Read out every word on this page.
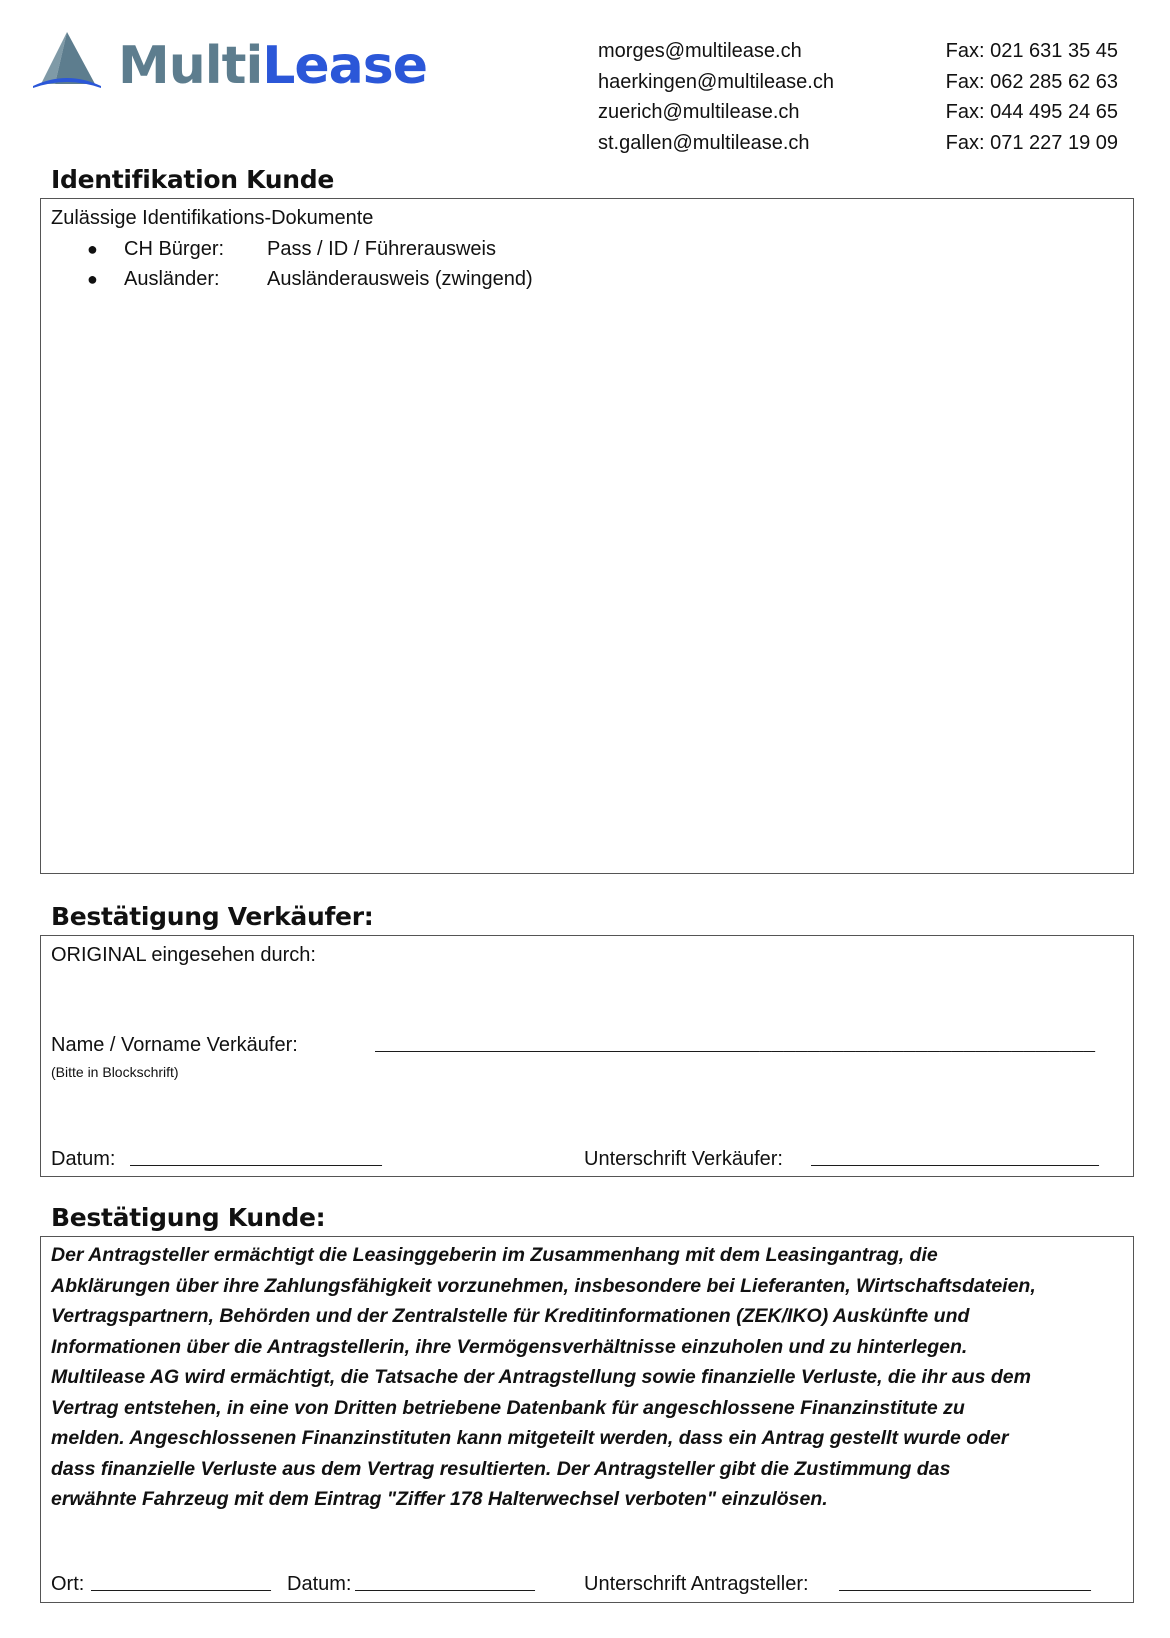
MultiLease	morges@multilease.ch	Fax: 021 631 35 45
haerkingen@multilease.ch	Fax: 062 285 62 63
zuerich@multilease.ch	Fax: 044 495 24 65
st.gallen@multilease.ch	Fax: 071 227 19 09
Identifikation Kunde
Zulässige Identifikations-Dokumente
● CH Bürger: Pass / ID / Führerausweis
● Ausländer: Ausländerausweis (zwingend)
Bestätigung Verkäufer:
ORIGINAL eingesehen durch:
Name / Vorname Verkäufer:	____________________________________________________________
(Bitte in Blockschrift)
Datum: _____________________	Unterschrift Verkäufer: ________________________
Bestätigung Kunde:
Der Antragsteller ermächtigt die Leasinggeberin im Zusammenhang mit dem Leasingantrag, die
Abklärungen über ihre Zahlungsfähigkeit vorzunehmen, insbesondere bei Lieferanten, Wirtschaftsdateien,
Vertragspartnern, Behörden und der Zentralstelle für Kreditinformationen (ZEK/IKO) Auskünfte und
Informationen über die Antragstellerin, ihre Vermögensverhältnisse einzuholen und zu hinterlegen.
Multilease AG wird ermächtigt, die Tatsache der Antragstellung sowie finanzielle Verluste, die ihr aus dem
Vertrag entstehen, in eine von Dritten betriebene Datenbank für angeschlossene Finanzinstitute zu
melden. Angeschlossenen Finanzinstituten kann mitgeteilt werden, dass ein Antrag gestellt wurde oder
dass finanzielle Verluste aus dem Vertrag resultierten. Der Antragsteller gibt die Zustimmung das
erwähnte Fahrzeug mit dem Eintrag "Ziffer 178 Halterwechsel verboten" einzulösen.
Ort: _______________ Datum: _______________	Unterschrift Antragsteller: _____________________
